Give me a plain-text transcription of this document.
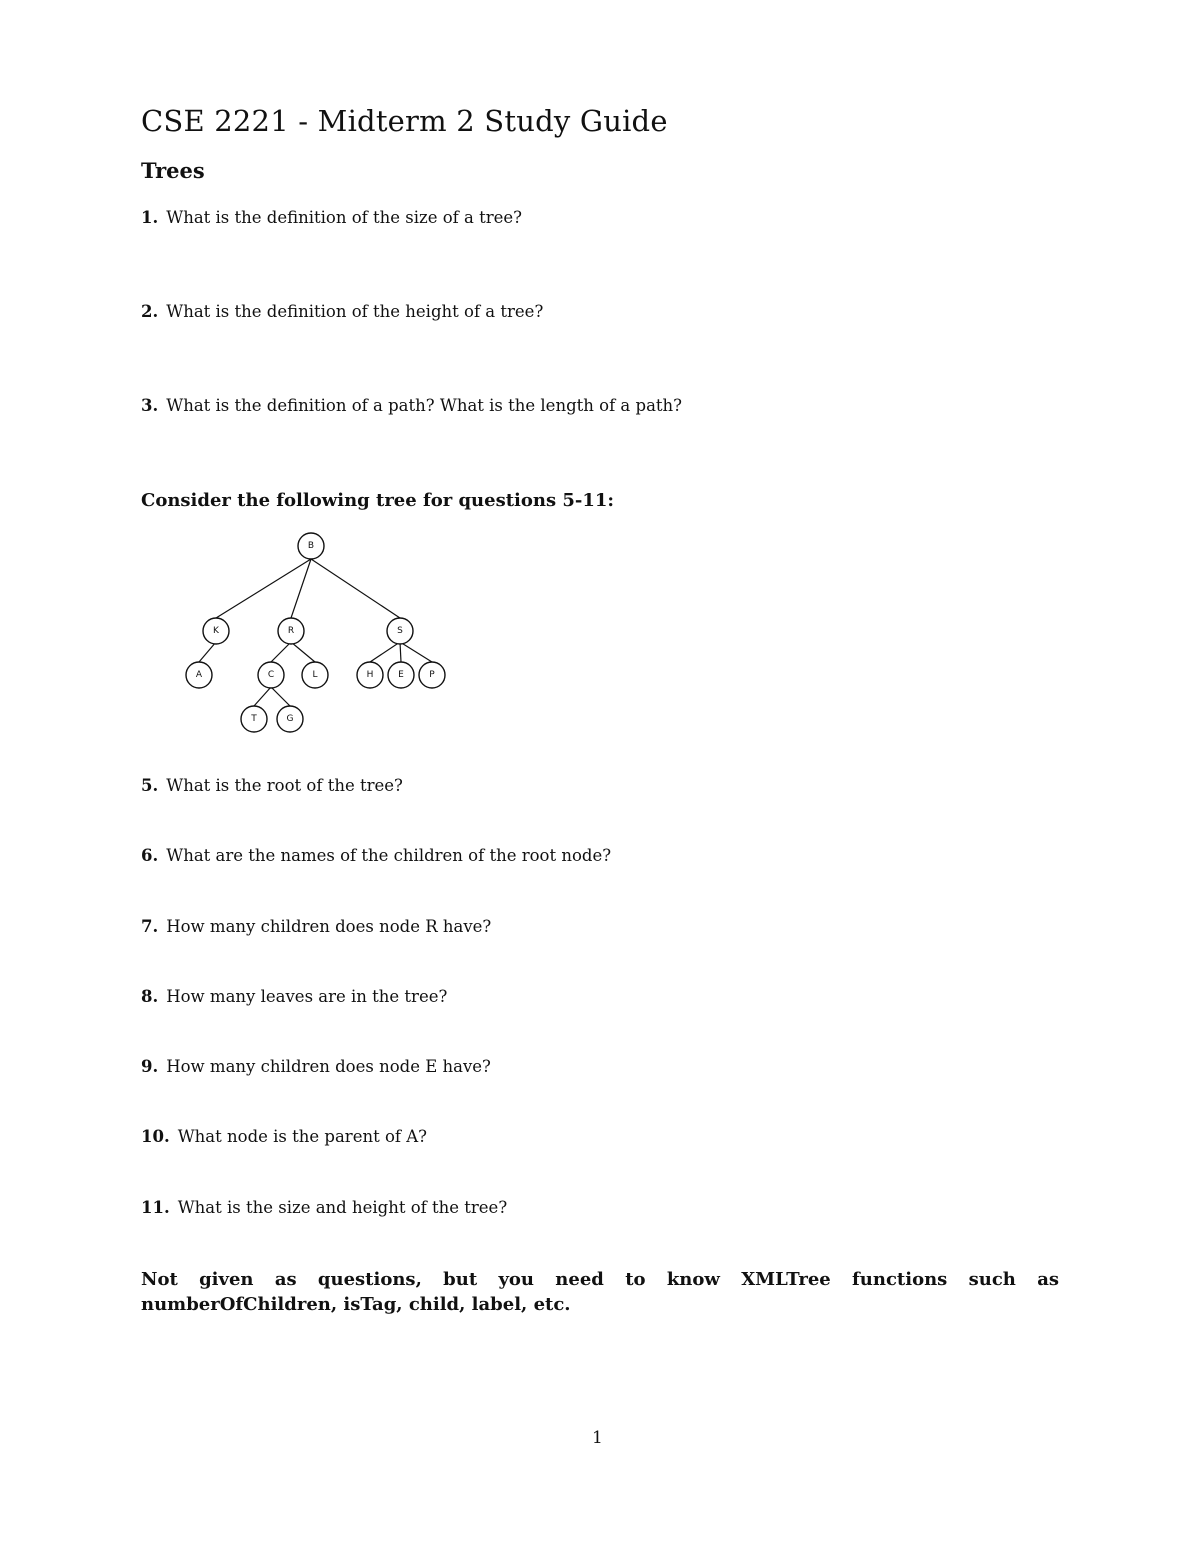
CSE 2221 - Midterm 2 Study Guide
Trees
1. What is the definition of the size of a tree?
2. What is the definition of the height of a tree?
3. What is the definition of a path? What is the length of a path?
Consider the following tree for questions 5-11:
B
K	R	S
A	C	L	H	E	P
T	G
5. What is the root of the tree?
6. What are the names of the children of the root node?
7. How many children does node R have?
8. How many leaves are in the tree?
9. How many children does node E have?
10. What node is the parent of A?
11. What is the size and height of the tree?

Not given as questions, but you need to know XMLTree functions such as numberOfChildren, isTag, child, label, etc.

1
